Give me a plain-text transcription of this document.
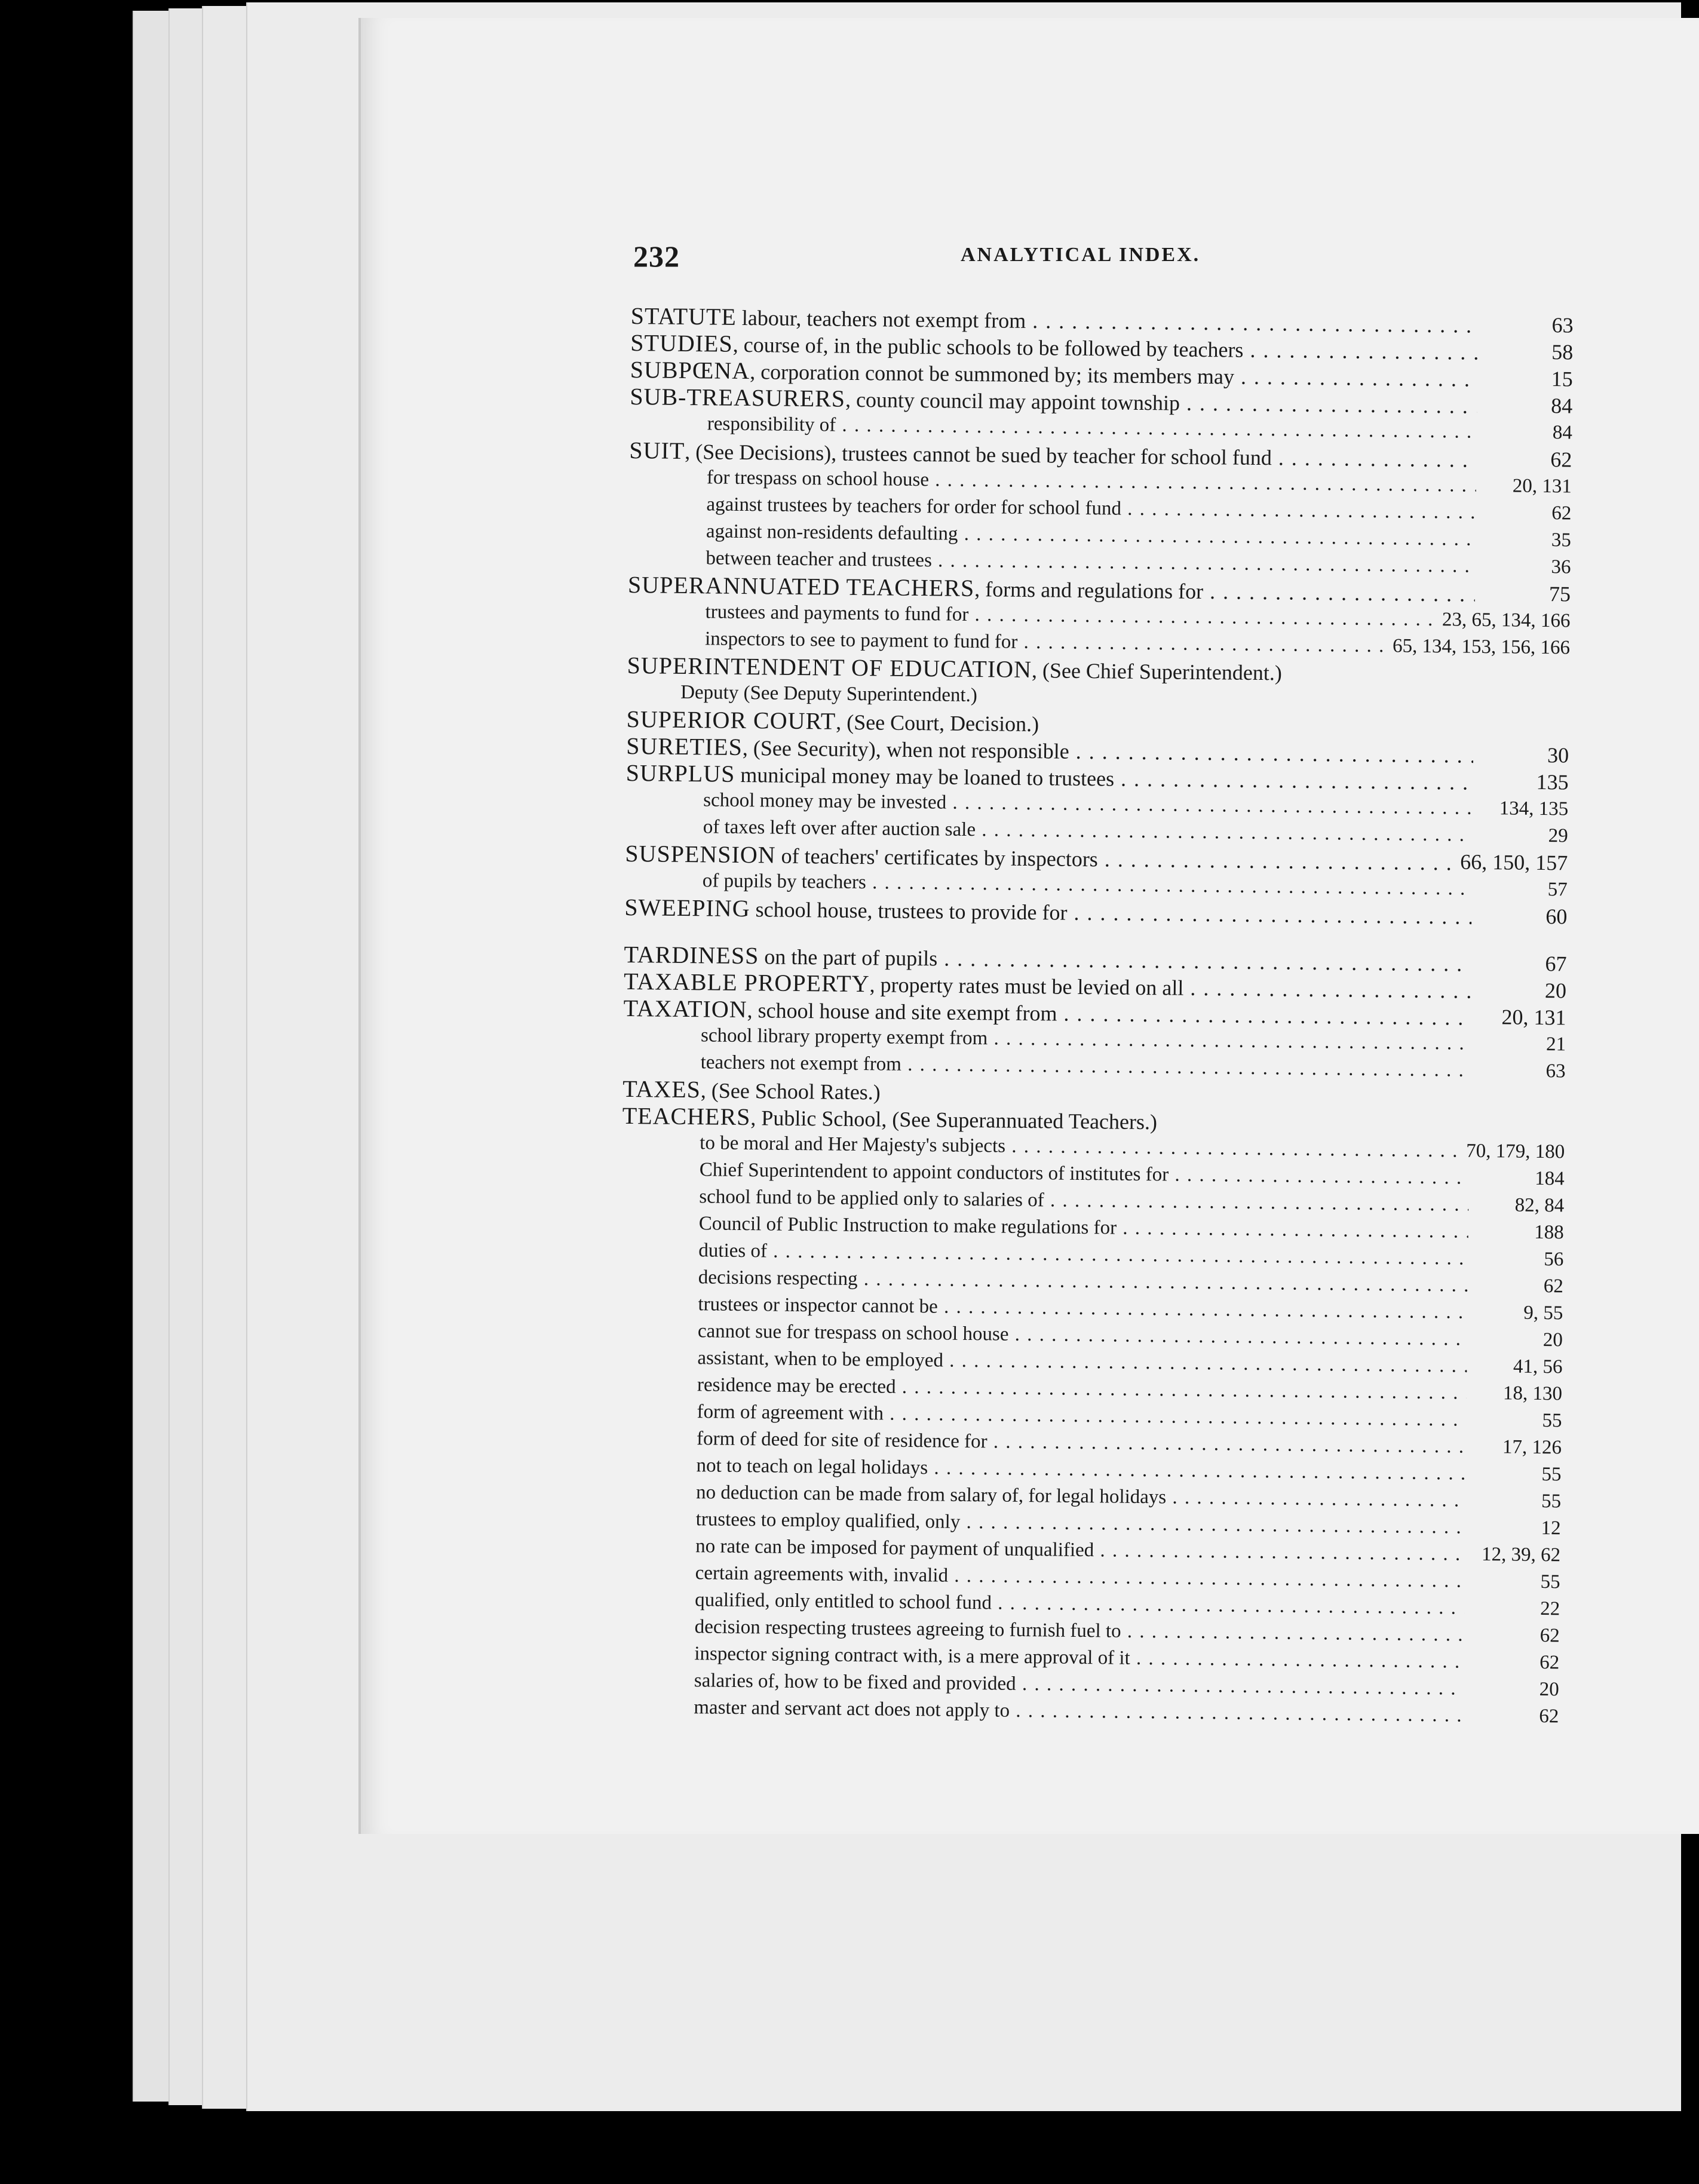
232	ANALYTICAL INDEX.
STATUTE labour, teachers not exempt from . . .	63
STUDIES, course of, in the public schools to be followed by teachers . . .	58
SUBPŒNA, corporation connot be summoned by; its members may . . .	15
SUB-TREASURERS, county council may appoint township . . .	84
responsibility of . . .	84
SUIT, (See Decisions), trustees cannot be sued by teacher for school fund . . .	62
for trespass on school house . . .	20, 131
against trustees by teachers for order for school fund . . .	62
against non-residents defaulting . . .	35
between teacher and trustees . . .	36
SUPERANNUATED TEACHERS, forms and regulations for . . .	75
trustees and payments to fund for . . .	23, 65, 134, 166
inspectors to see to payment to fund for . . .	65, 134, 153, 156, 166
SUPERINTENDENT OF EDUCATION, (See Chief Superintendent.)
Deputy (See Deputy Superintendent.)
SUPERIOR COURT, (See Court, Decision.)
SURETIES, (See Security), when not responsible . . .	30
SURPLUS municipal money may be loaned to trustees . . .	135
school money may be invested . . .	134, 135
of taxes left over after auction sale . . .	29
SUSPENSION of teachers' certificates by inspectors . . .	66, 150, 157
of pupils by teachers . . .	57
SWEEPING school house, trustees to provide for . . .	60
TARDINESS on the part of pupils . . .	67
TAXABLE PROPERTY, property rates must be levied on all . . .	20
TAXATION, school house and site exempt from . . .	20, 131
school library property exempt from . . .	21
teachers not exempt from . . .	63
TAXES, (See School Rates.)
TEACHERS, Public School, (See Superannuated Teachers.)
to be moral and Her Majesty's subjects . . .	70, 179, 180
Chief Superintendent to appoint conductors of institutes for . . .	184
school fund to be applied only to salaries of . . .	82, 84
Council of Public Instruction to make regulations for . . .	188
duties of . . .	56
decisions respecting . . .	62
trustees or inspector cannot be . . .	9, 55
cannot sue for trespass on school house . . .	20
assistant, when to be employed . . .	41, 56
residence may be erected . . .	18, 130
form of agreement with . . .	55
form of deed for site of residence for . . .	17, 126
not to teach on legal holidays . . .	55
no deduction can be made from salary of, for legal holidays . . .	55
trustees to employ qualified, only . . .	12
no rate can be imposed for payment of unqualified . . .	12, 39, 62
certain agreements with, invalid . . .	55
qualified, only entitled to school fund . . .	22
decision respecting trustees agreeing to furnish fuel to . . .	62
inspector signing contract with, is a mere approval of it . . .	62
salaries of, how to be fixed and provided . . .	20
master and servant act does not apply to . . .	62
